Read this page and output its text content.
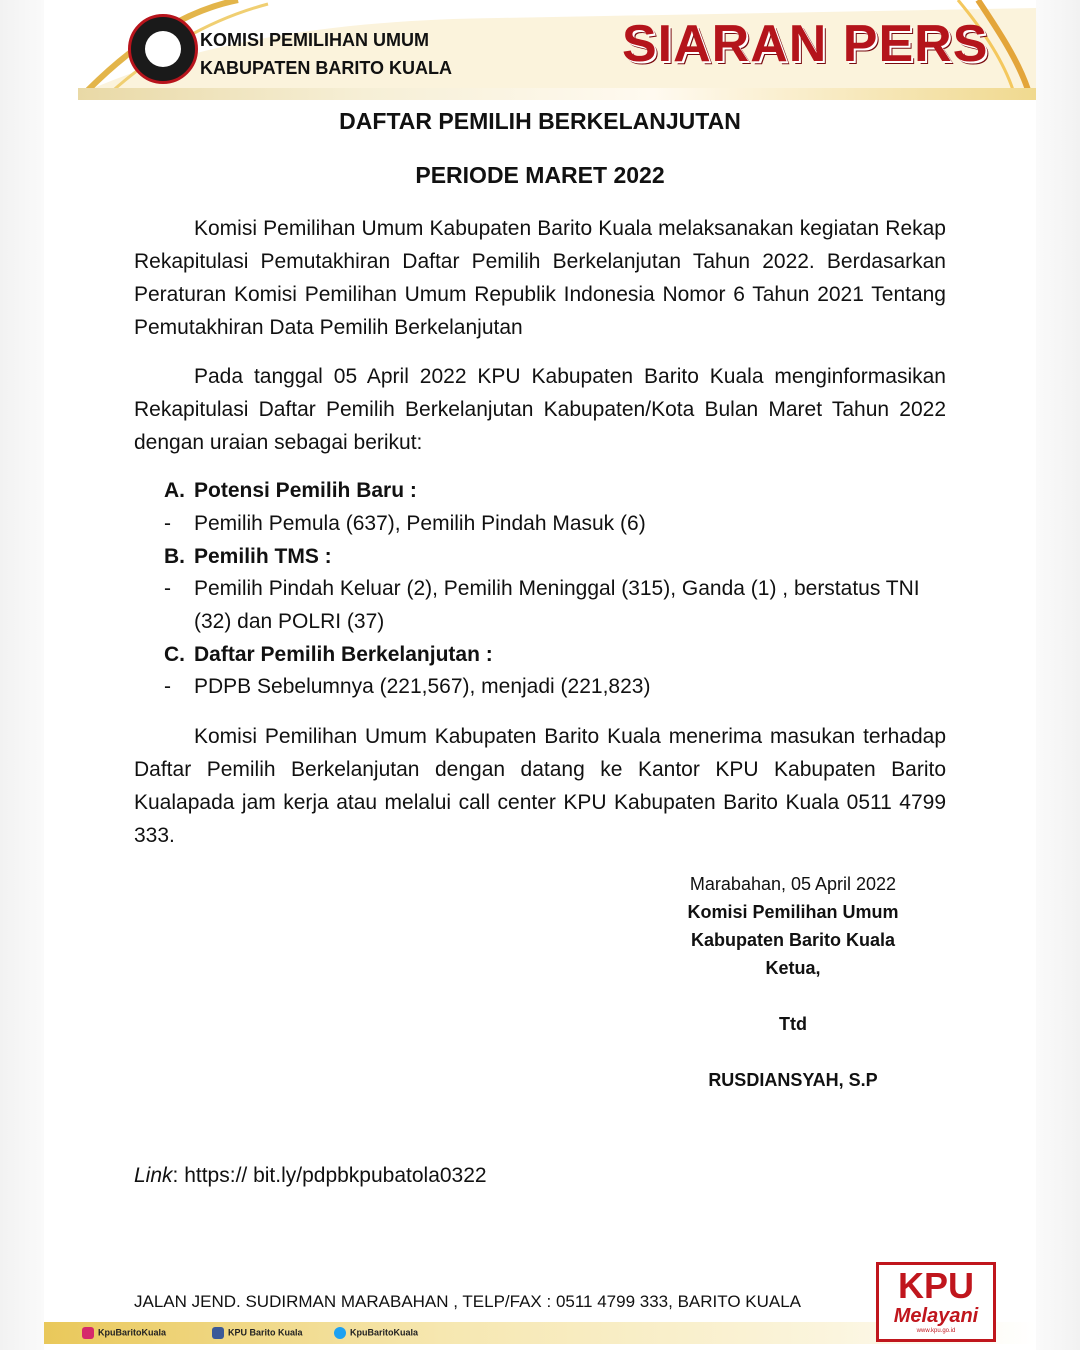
KOMISI PEMILIHAN UMUM
KABUPATEN BARITO KUALA	SIARAN PERS
DAFTAR PEMILIH BERKELANJUTAN
PERIODE MARET 2022
Komisi Pemilihan Umum Kabupaten Barito Kuala melaksanakan kegiatan Rekap Rekapitulasi Pemutakhiran Daftar Pemilih Berkelanjutan Tahun 2022. Berdasarkan Peraturan Komisi Pemilihan Umum Republik Indonesia Nomor 6 Tahun 2021 Tentang Pemutakhiran Data Pemilih Berkelanjutan
Pada tanggal 05 April 2022 KPU Kabupaten Barito Kuala menginformasikan Rekapitulasi Daftar Pemilih Berkelanjutan Kabupaten/Kota Bulan Maret Tahun 2022 dengan uraian sebagai berikut:
A. Potensi Pemilih Baru :
- Pemilih Pemula (637), Pemilih Pindah Masuk (6)
B. Pemilih TMS :
- Pemilih Pindah Keluar (2), Pemilih Meninggal (315), Ganda (1) , berstatus TNI (32) dan POLRI (37)
C. Daftar Pemilih Berkelanjutan :
- PDPB Sebelumnya (221,567), menjadi (221,823)
Komisi Pemilihan Umum Kabupaten Barito Kuala menerima masukan terhadap Daftar Pemilih Berkelanjutan dengan datang ke Kantor KPU Kabupaten Barito Kualapada jam kerja atau melalui call center KPU Kabupaten Barito Kuala 0511 4799 333.
Marabahan, 05 April 2022
Komisi Pemilihan Umum
Kabupaten Barito Kuala
Ketua,
Ttd
RUSDIANSYAH, S.P
Link: https:// bit.ly/pdpbkpubatola0322
JALAN JEND. SUDIRMAN MARABAHAN , TELP/FAX : 0511 4799 333, BARITO KUALA
KpuBaritoKuala	KPU Barito Kuala	KpuBaritoKuala
KPU
Melayani
www.kpu.go.id
